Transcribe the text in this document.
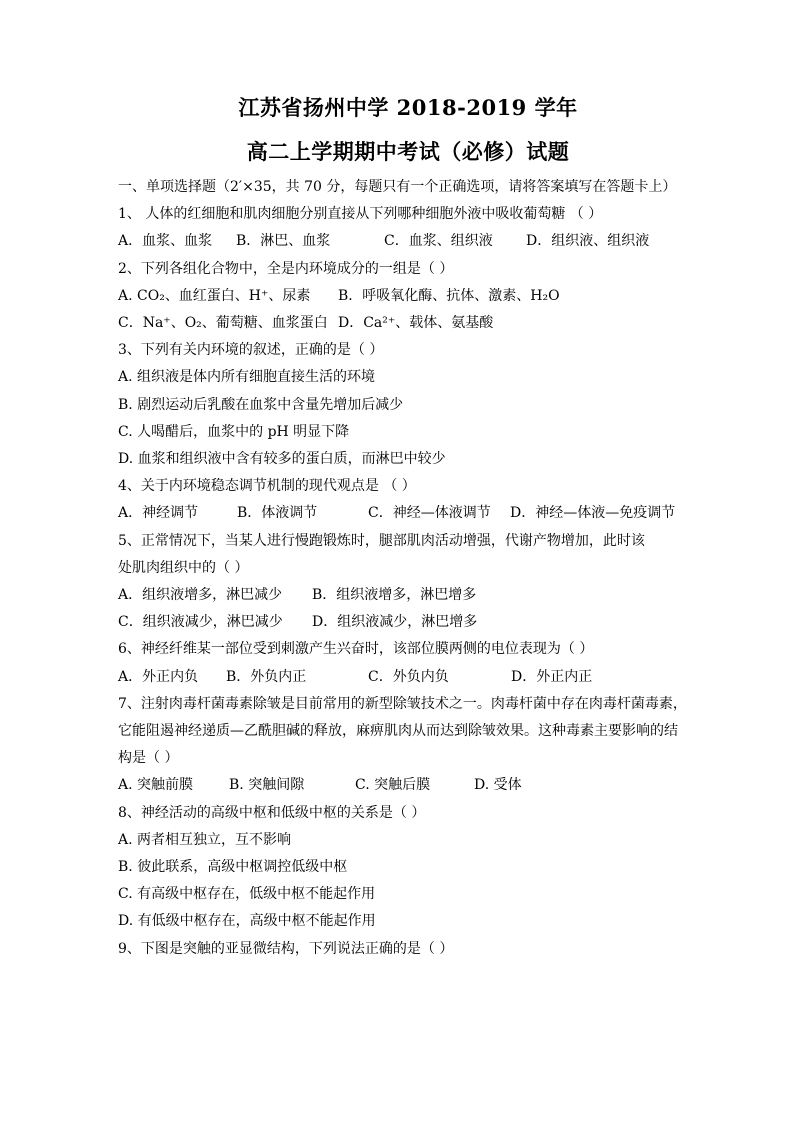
江苏省扬州中学 2018-2019 学年
高二上学期期中考试（必修）试题

一、单项选择题（2′×35，共 70 分，每题只有一个正确选项，请将答案填写在答题卡上）

1、 人体的红细胞和肌肉细胞分别直接从下列哪种细胞外液中吸收葡萄糖 （ ）

A．血浆、血浆 B．淋巴、血浆	C．血浆、组织液 D．组织液、组织液

2、下列各组化合物中，全是内环境成分的一组是（ ）

A. CO₂、血红蛋白、H⁺、尿素 B．呼吸氧化酶、抗体、激素、H₂O

C．Na⁺、O₂、葡萄糖、血浆蛋白 D．Ca²⁺、载体、氨基酸

3、下列有关内环境的叙述，正确的是（ ）

A. 组织液是体内所有细胞直接生活的环境

B. 剧烈运动后乳酸在血浆中含量先增加后减少

C. 人喝醋后，血浆中的 pH 明显下降

D. 血浆和组织液中含有较多的蛋白质，而淋巴中较少

4、关于内环境稳态调节机制的现代观点是 （ ）

A．神经调节	B．体液调节	C．神经—体液调节 D．神经—体液—免疫调节

5、正常情况下，当某人进行慢跑锻炼时，腿部肌肉活动增强，代谢产物增加，此时该

处肌肉组织中的（ ）

A．组织液增多，淋巴减少 B．组织液增多，淋巴增多

C．组织液减少，淋巴减少 D．组织液减少，淋巴增多

6、神经纤维某一部位受到刺激产生兴奋时，该部位膜两侧的电位表现为（ ）

A．外正内负 B．外负内正	C．外负内负	D．外正内正

7、注射肉毒杆菌毒素除皱是目前常用的新型除皱技术之一。肉毒杆菌中存在肉毒杆菌毒素，

它能阻遏神经递质—乙酰胆碱的释放，麻痹肌肉从而达到除皱效果。这种毒素主要影响的结

构是（ ）

A. 突触前膜	B. 突触间隙	C. 突触后膜	D. 受体

8、神经活动的高级中枢和低级中枢的关系是（ ）

A. 两者相互独立，互不影响

B. 彼此联系，高级中枢调控低级中枢

C. 有高级中枢存在，低级中枢不能起作用

D. 有低级中枢存在，高级中枢不能起作用

9、下图是突触的亚显微结构，下列说法正确的是（ ）
